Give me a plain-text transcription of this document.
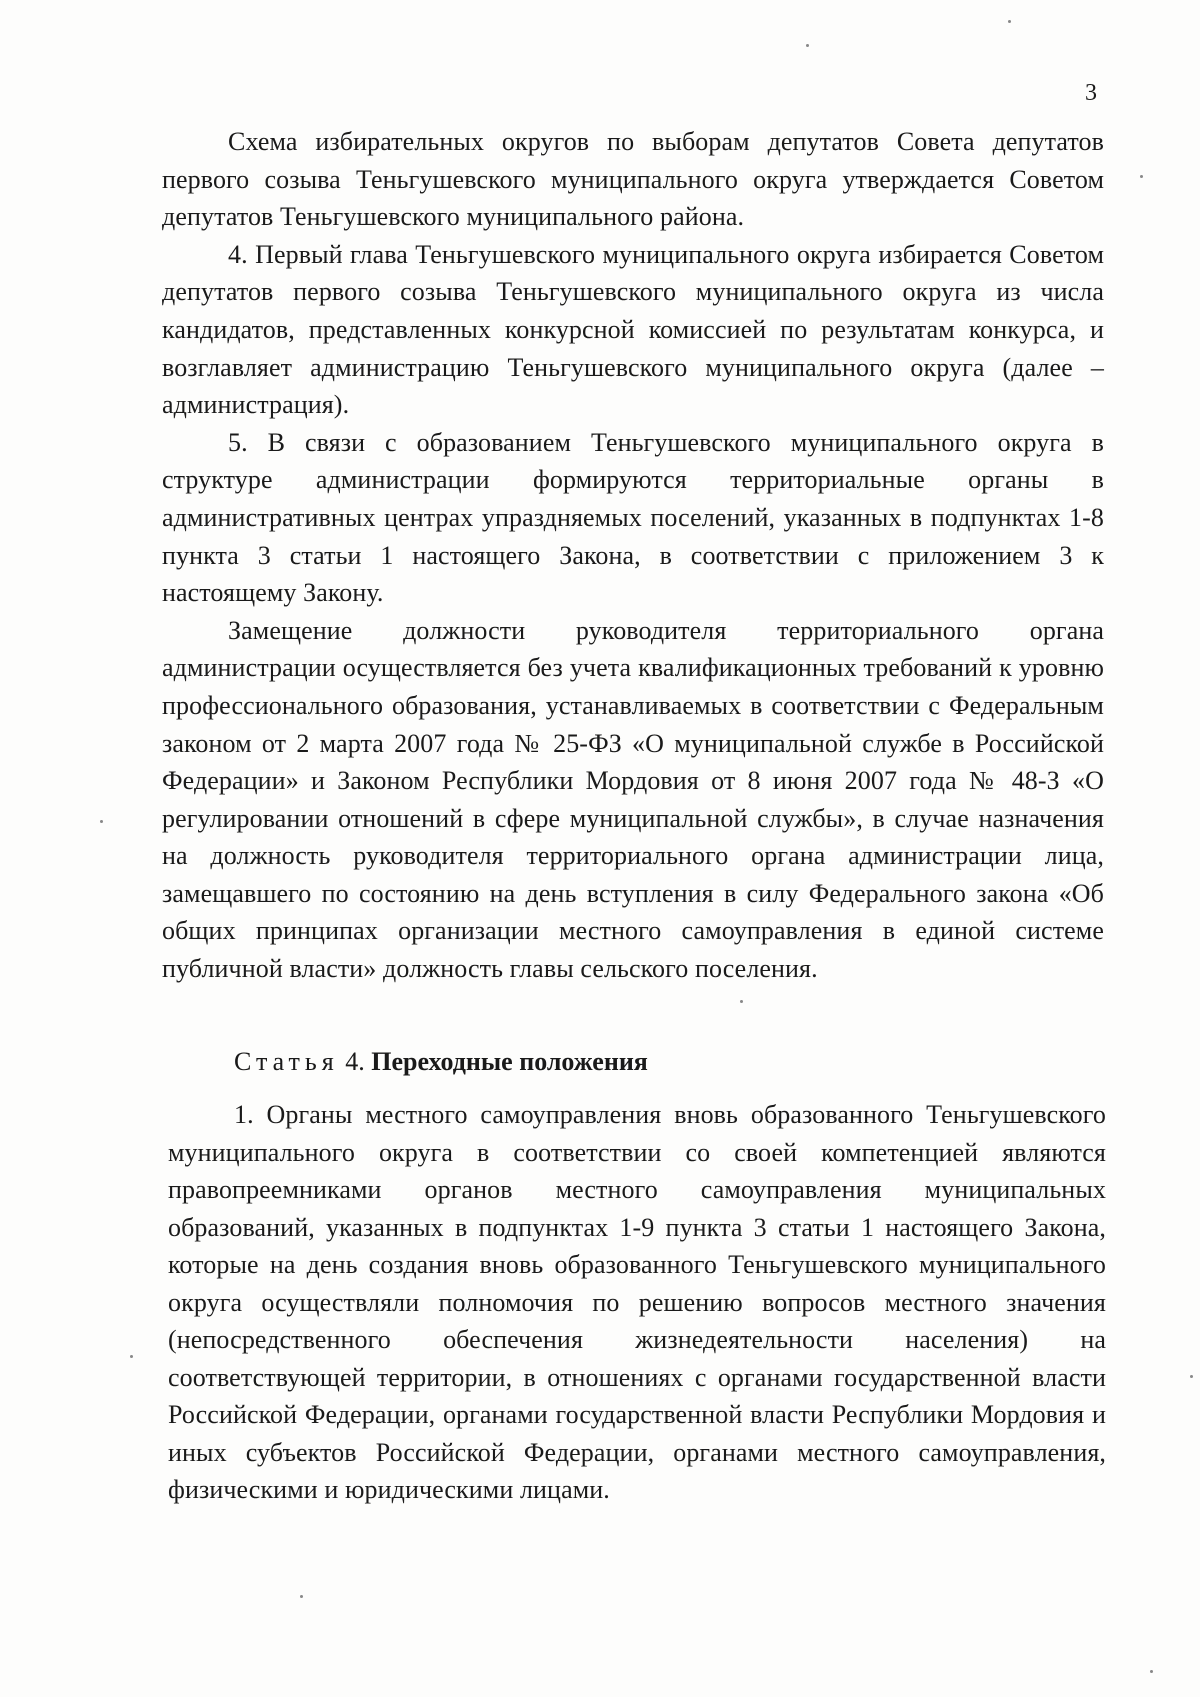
3

Схема избирательных округов по выборам депутатов Совета депутатов первого созыва Теньгушевского муниципального округа утверждается Советом депутатов Теньгушевского муниципального района.

4. Первый глава Теньгушевского муниципального округа избирается Советом депутатов первого созыва Теньгушевского муниципального округа из числа кандидатов, представленных конкурсной комиссией по результатам конкурса, и возглавляет администрацию Теньгушевского муниципального округа (далее – администрация).

5. В связи с образованием Теньгушевского муниципального округа в структуре администрации формируются территориальные органы в административных центрах упраздняемых поселений, указанных в подпунктах 1-8 пункта 3 статьи 1 настоящего Закона, в соответствии с приложением 3 к настоящему Закону.

Замещение должности руководителя территориального органа администрации осуществляется без учета квалификационных требований к уровню профессионального образования, устанавливаемых в соответствии с Федеральным законом от 2 марта 2007 года № 25-ФЗ «О муниципальной службе в Российской Федерации» и Законом Республики Мордовия от 8 июня 2007 года № 48-З «О регулировании отношений в сфере муниципальной службы», в случае назначения на должность руководителя территориального органа администрации лица, замещавшего по состоянию на день вступления в силу Федерального закона «Об общих принципах организации местного самоуправления в единой системе публичной власти» должность главы сельского поселения.

Статья 4. Переходные положения

1. Органы местного самоуправления вновь образованного Теньгушевского муниципального округа в соответствии со своей компетенцией являются правопреемниками органов местного самоуправления муниципальных образований, указанных в подпунктах 1-9 пункта 3 статьи 1 настоящего Закона, которые на день создания вновь образованного Теньгушевского муниципального округа осуществляли полномочия по решению вопросов местного значения (непосредственного обеспечения жизнедеятельности населения) на соответствующей территории, в отношениях с органами государственной власти Российской Федерации, органами государственной власти Республики Мордовия и иных субъектов Российской Федерации, органами местного самоуправления, физическими и юридическими лицами.
